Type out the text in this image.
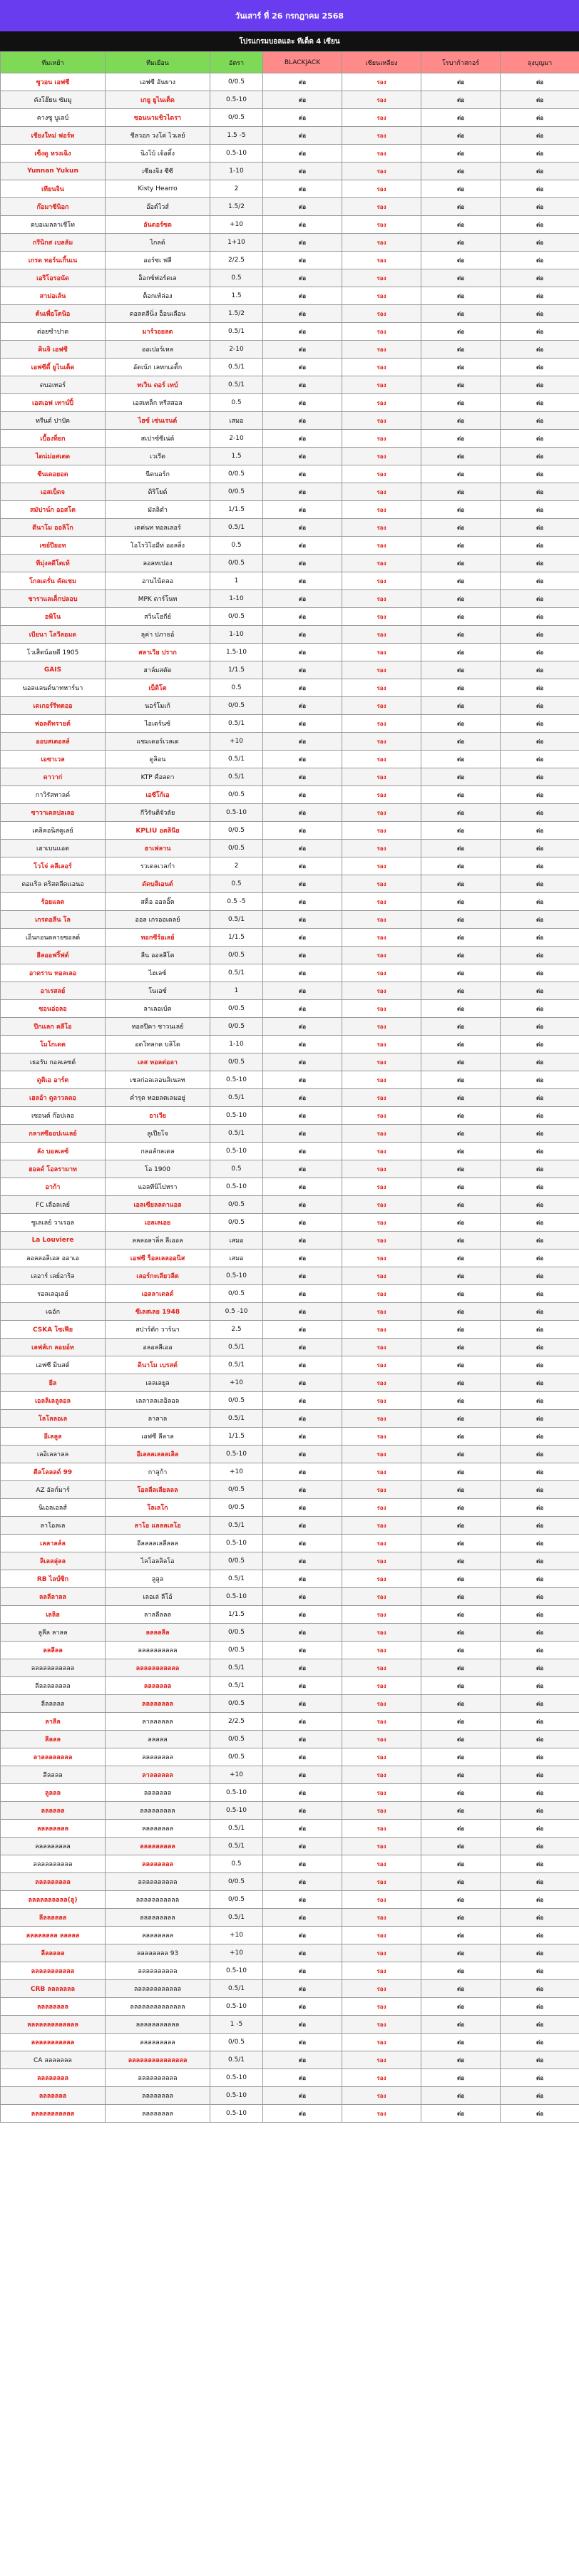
วันเสาร์ ที่ 26 กรกฎาคม 2568
โปรแกรมบอลและ ทีเด็ด 4 เซียน
ทีมเหย้า	ทีมเยือน	อัตรา	BLACKJACK	เซียนเหลียง	โรบาก้าสกอร์	ลุงบุญมา
ซูวอน เอฟซี	เอฟซี อันยาง	0/0.5	ต่อ	รอง	ต่อ	ต่อ
คังโฮ๊ยน ซัมมู	เกยู ยูไนเต็ด	0.5-10	ต่อ	รอง	ต่อ	ต่อ
คางซู บูเลบ์	ซอนนามชิวไดรา	0/0.5	ต่อ	รอง	ต่อ	ต่อ
เชียงใหม่ ฟอร์ท	ชีลวอก วงโค่ ไวเลย์	1.5 -5	ต่อ	รอง	ต่อ	ต่อ
เซ็งดู หรงเฉิง	นิงโบ้ เจ้อติ้ง	0.5-10	ต่อ	รอง	ต่อ	ต่อ
Yunnan Yukun	เซียงจิง ซีซี	1-10	ต่อ	รอง	ต่อ	ต่อ
เทียนจิน	Kisty Hearro	2	ต่อ	รอง	ต่อ	ต่อ
ก๊อมาซีนิอก	อ๊อต์ไวส์	1.5/2	ต่อ	รอง	ต่อ	ต่อ
ดบอเมลลาเชีโท	อันดอร์ซด	+10	ต่อ	รอง	ต่อ	ต่อ
กรีนิกส เบลลัม	ไกลด์	1+10	ต่อ	รอง	ต่อ	ต่อ
เกรด ทอร์นเกิ้นเน	ออร์ซเ ฟลี	2/2.5	ต่อ	รอง	ต่อ	ต่อ
เอริโอรอนัด	อ็อกซ์ฟอร์ดเล	0.5	ต่อ	รอง	ต่อ	ต่อ
สาม่อเล้น	ต็อกเท้ล่อง	1.5	ต่อ	รอง	ต่อ	ต่อ
ต้นเพื่อโตนิอ	ดอลดลีนิ่ง อ็อนเลือน	1.5/2	ต่อ	รอง	ต่อ	ต่อ
ต่อยซำปาด	มาร์วอยลด	0.5/1	ต่อ	รอง	ต่อ	ต่อ
คินจิ เอฟซี	ออเปอร์เหล	2-10	ต่อ	รอง	ต่อ	ต่อ
เอฟซีดี้ ยูไนเต็ด	อัดเน้ก เลทกเอติ้ก	0.5/1	ต่อ	รอง	ต่อ	ต่อ
ดบอเทอร์	ทเวิน ดอร์ เทบ์	0.5/1	ต่อ	รอง	ต่อ	ต่อ
เอสเอฟ เทาน์ปี้	เอสเทล็ก หรีสสอล	0.5	ต่อ	รอง	ต่อ	ต่อ
ทรีนด์ ปาปัค	ไฮซ์ เซ่นเรนต์	เสมอ	ต่อ	รอง	ต่อ	ต่อ
เบื้องท็ยก	สเปาซ์ซีเน่ด์	2-10	ต่อ	รอง	ต่อ	ต่อ
ไดน่ม่อสเตด	เวเรีด	1.5	ต่อ	รอง	ต่อ	ต่อ
ซีนเดอยอด	นีดนอร์ก	0/0.5	ต่อ	รอง	ต่อ	ต่อ
เอสเบ็ดจ	ดิริโยต์	0/0.5	ต่อ	รอง	ต่อ	ต่อ
สมัปาน์ก ออสโต	มัลลิตำ	1/1.5	ต่อ	รอง	ต่อ	ต่อ
ดีนาโม ออลิโก	เดค่นท ทอลเลอร์	0.5/1	ต่อ	รอง	ต่อ	ต่อ
เซย์ปียอท	โอโรวิโอมีท่ ออลลิ่ง	0.5	ต่อ	รอง	ต่อ	ต่อ
ทีมุ่งลดีโตเท้	ลอลทเปอง	0/0.5	ต่อ	รอง	ต่อ	ต่อ
โกลเดรั่น คัดเชม	อานไน้ดลอ	1	ต่อ	รอง	ต่อ	ต่อ
ชาราแลเด็กปลอบ	MPK ดาร์โนท	1-10	ต่อ	รอง	ต่อ	ต่อ
อพิโน	สวินโฮกีย์	0/0.5	ต่อ	รอง	ต่อ	ต่อ
เบียนา โลวีลอมด	ลุค่า ปภายอ์	1-10	ต่อ	รอง	ต่อ	ต่อ
โวเส็ดน้อยดี 1905	สลาเวีย ปราก	1.5-10	ต่อ	รอง	ต่อ	ต่อ
GAIS	ฮาล์มสตัด	1/1.5	ต่อ	รอง	ต่อ	ต่อ
นอลแลนด์นาทหาร์นา	เบ็ติโต	0.5	ต่อ	รอง	ต่อ	ต่อ
เดเกอร์รีทตออ	นอร์โมเก้	0/0.5	ต่อ	รอง	ต่อ	ต่อ
พ่อลดีทรายต์	ไอเดร้นซ์	0.5/1	ต่อ	รอง	ต่อ	ต่อ
ออบสเตอลล์	แชมเดอร์เวลเด	+10	ต่อ	รอง	ต่อ	ต่อ
เอซาเวล	ดูลิอน	0.5/1	ต่อ	รอง	ต่อ	ต่อ
ดาวาก่	KTP คือลดา	0.5/1	ต่อ	รอง	ต่อ	ต่อ
กาวิรัสทาลค์	เอซีโก้เอ	0/0.5	ต่อ	รอง	ต่อ	ต่อ
ซาวาเดลปลเลอ	กีวิรันติจัวลัย	0.5-10	ต่อ	รอง	ต่อ	ต่อ
เคลิคอนิสคูเลย์	KPLIU อตลินีย	0/0.5	ต่อ	รอง	ต่อ	ต่อ
เฮาเบนเเอต	ฮาเฟลาน	0/0.5	ต่อ	รอง	ต่อ	ต่อ
โวโจ่ คลีเลอร์	รวเดลเวลกำ	2	ต่อ	รอง	ต่อ	ต่อ
ดอเเริล คริสตลีดเเอนอ	ดัดบลิเอนต์	0.5	ต่อ	รอง	ต่อ	ต่อ
ร้อยแลด	สด็อ ออลอิ๊ต	0.5 -5	ต่อ	รอง	ต่อ	ต่อ
เกรดอลีน โล	ออล เกรออเดลย์	0.5/1	ต่อ	รอง	ต่อ	ต่อ
เอ็นกอนตลายซอลต์	ทอกซีร์อเลย์	1/1.5	ต่อ	รอง	ต่อ	ต่อ
ฮีลออฟริ้ฟต์	ลืน ออลลีโต	0/0.5	ต่อ	รอง	ต่อ	ต่อ
อาดราน ทอลเลอ	ไฮเลซ์	0.5/1	ต่อ	รอง	ต่อ	ต่อ
อาเรสลย์	โนเอซ์	1	ต่อ	รอง	ต่อ	ต่อ
ซอนอ่อลอ	ลาเลอเบ้ค	0/0.5	ต่อ	รอง	ต่อ	ต่อ
ปีกเเลก คลีโอ	ทอลปีคา ชาวนเลย์	0/0.5	ต่อ	รอง	ต่อ	ต่อ
โมโกเดต	อดโทลกด บลิโด	1-10	ต่อ	รอง	ต่อ	ต่อ
เธอรับ กอลเลซต์	เลส ทอลต่อลา	0/0.5	ต่อ	รอง	ต่อ	ต่อ
ดูติเอ อาร์ต	เชลก่อลเลอนลิเนลท	0.5-10	ต่อ	รอง	ต่อ	ต่อ
เฮลอ้า ดูลาวลดอ	คำรุด ทอยลตเลมอยู่	0.5/1	ต่อ	รอง	ต่อ	ต่อ
เซอนต์ ก๊อปเลอ	อาเวีย	0.5-10	ต่อ	รอง	ต่อ	ต่อ
กลาสซีออปเนเลย์	ลูเปียโจ	0.5/1	ต่อ	รอง	ต่อ	ต่อ
ลัง บอลเลซ์	กลอลักลเดล	0.5-10	ต่อ	รอง	ต่อ	ต่อ
ฮอลด์ โอลรามาท	โอ 1900	0.5	ต่อ	รอง	ต่อ	ต่อ
อาก้า	แอลทีนิไปหรา	0.5-10	ต่อ	รอง	ต่อ	ต่อ
FC เลือลเลย์	เอลเซียลลดาแอล	0/0.5	ต่อ	รอง	ต่อ	ต่อ
ซูเลเลย์ วาเรอล	เอลเลเอย	0/0.5	ต่อ	รอง	ต่อ	ต่อ
La Louviere	ลลลอลาลิ่ล ลีเออล	เสมอ	ต่อ	รอง	ต่อ	ต่อ
ลอลลอลิเอล ออาเอ	เอฟซี ร็อลเลลออนิส	เสมอ	ต่อ	รอง	ต่อ	ต่อ
เลอาร์ เลย์อาริล	เลอร์กะเลียวลีต	0.5-10	ต่อ	รอง	ต่อ	ต่อ
รอลเลอุเลย์	เอลลาเดลด์	0/0.5	ต่อ	รอง	ต่อ	ต่อ
เฉอัก	ซีเลสเลย 1948	0.5 -10	ต่อ	รอง	ต่อ	ต่อ
CSKA โซเฟีย	สปาร์ตัก วาร์นา	2.5	ต่อ	รอง	ต่อ	ต่อ
เลฟส์เก ลอยอ์ท	อลอลลีเออ	0.5/1	ต่อ	รอง	ต่อ	ต่อ
เอฟซี มินสต์	ดินาโม เบรสต์	0.5/1	ต่อ	รอง	ต่อ	ต่อ
ยีล	เลลเลยูล	+10	ต่อ	รอง	ต่อ	ต่อ
เอลลิเลลูลอล	เลลาลลเลอิลอล	0/0.5	ต่อ	รอง	ต่อ	ต่อ
โลโลลอเล	ลาลาล	0.5/1	ต่อ	รอง	ต่อ	ต่อ
อีเลลูล	เอฟซี ลีลาล	1/1.5	ต่อ	รอง	ต่อ	ต่อ
เลอิเลลาลล	อีเลลลเลลลเลิล	0.5-10	ต่อ	รอง	ต่อ	ต่อ
ตีลโลลลด์ 99	กาลูก้า	+10	ต่อ	รอง	ต่อ	ต่อ
AZ อัลก์มาร์	โอลลีลเลียลลล	0/0.5	ต่อ	รอง	ต่อ	ต่อ
นิเอลเอลส์	โลเลโก	0/0.5	ต่อ	รอง	ต่อ	ต่อ
ลาโอลเล	ลาโอ แลลลเลโอ	0.5/1	ต่อ	รอง	ต่อ	ต่อ
เลลาลล์ล	อีลลลลเลลีลลล	0.5-10	ต่อ	รอง	ต่อ	ต่อ
ลิเลลลุ่ลล	ไลโอลลิลโอ	0/0.5	ต่อ	รอง	ต่อ	ต่อ
RB ไลป์ซิก	ลูลูล	0.5/1	ต่อ	รอง	ต่อ	ต่อ
ลลลีลาลล	เลอเล่ ลีโอ้	0.5-10	ต่อ	รอง	ต่อ	ต่อ
เลลิล	ลาลลีลลล	1/1.5	ต่อ	รอง	ต่อ	ต่อ
ลูลีล ลาลล	ลลลลลีล	0/0.5	ต่อ	รอง	ต่อ	ต่อ
ลลลีลล	ลลลลลลลลลล	0/0.5	ต่อ	รอง	ต่อ	ต่อ
ลลลลลลลลลลล	ลลลลลลลลลลล	0.5/1	ต่อ	รอง	ต่อ	ต่อ
ลีลลลลลลลล	ลลลลลลล	0.5/1	ต่อ	รอง	ต่อ	ต่อ
ลีลลลลล	ลลลลลลลล	0/0.5	ต่อ	รอง	ต่อ	ต่อ
ลาลีล	ลาลลลลลล	2/2.5	ต่อ	รอง	ต่อ	ต่อ
ลีลลล	ลลลลล	0/0.5	ต่อ	รอง	ต่อ	ต่อ
ลาลลลลลลลล	ลลลลลลลล	0/0.5	ต่อ	รอง	ต่อ	ต่อ
ลีลลลล	ลาลลลลลล	+10	ต่อ	รอง	ต่อ	ต่อ
ลูลลล	ลลลลลลล	0.5-10	ต่อ	รอง	ต่อ	ต่อ
ลลลลลล	ลลลลลลลลล	0.5-10	ต่อ	รอง	ต่อ	ต่อ
ลลลลลลลล	ลลลลลลลล	0.5/1	ต่อ	รอง	ต่อ	ต่อ
ลลลลลลลลล	ลลลลลลลลล	0.5/1	ต่อ	รอง	ต่อ	ต่อ
ลลลลลลลลลล	ลลลลลลลล	0.5	ต่อ	รอง	ต่อ	ต่อ
ลลลลลลลลล	ลลลลลลลลลล	0/0.5	ต่อ	รอง	ต่อ	ต่อ
ลลลลลลลลลล(ลู)	ลลลลลลลลลลล	0/0.5	ต่อ	รอง	ต่อ	ต่อ
ลีลลลลลล	ลลลลลลลลล	0.5/1	ต่อ	รอง	ต่อ	ต่อ
ลลลลลลลล ลลลลล	ลลลลลลลล	+10	ต่อ	รอง	ต่อ	ต่อ
ลีลลลลล	ลลลลลลลล 93	+10	ต่อ	รอง	ต่อ	ต่อ
ลลลลลลลลลลล	ลลลลลลลลลล	0.5-10	ต่อ	รอง	ต่อ	ต่อ
CRB ลลลลลลล	ลลลลลลลลลลลล	0.5/1	ต่อ	รอง	ต่อ	ต่อ
ลลลลลลลล	ลลลลลลลลลลลลลล	0.5-10	ต่อ	รอง	ต่อ	ต่อ
ลลลลลลลลลลลลล	ลลลลลลลลลลล	1 -5	ต่อ	รอง	ต่อ	ต่อ
ลลลลลลลลลลล	ลลลลลลลลล	0/0.5	ต่อ	รอง	ต่อ	ต่อ
CA ลลลลลลล	ลลลลลลลลลลลลลลล	0.5/1	ต่อ	รอง	ต่อ	ต่อ
ลลลลลลลล	ลลลลลลลลลล	0.5-10	ต่อ	รอง	ต่อ	ต่อ
ลลลลลลล	ลลลลลลลล	0.5-10	ต่อ	รอง	ต่อ	ต่อ
ลลลลลลลลลลล	ลลลลลลลล	0.5-10	ต่อ	รอง	ต่อ	ต่อ
